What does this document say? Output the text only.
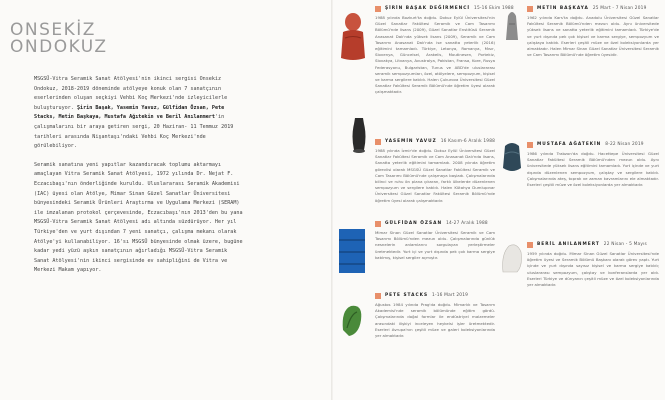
ONSEKİZ
ONDOKUZ

MSGSÜ-Vitra Seramik Sanat Atölyesi'nin ikinci sergisi Onsekiz Ondokuz, 2018-2019 döneminde atölyeye konuk olan 7 sanatçının eserlerinden oluşan seçkiyi Vehbi Koç Merkezi'nde izleyicilerle buluşturuyor. Şirin Başak, Yasemin Yavuz, Gülfidan Özsan, Pete Stacks, Metin Başkaya, Mustafa Ağıtekin ve Beril Anılanmert'in çalışmalarını bir araya getiren sergi, 20 Haziran- 11 Temmuz 2019 tarihleri arasında Nişantaşı'ndaki Vehbi Koç Merkezi'nde görülebiliyor.

Seramik sanatına yeni yapıtlar kazandıracak toplumu aktarmayı amaçlayan Vitra Seramik Sanat Atölyesi, 1972 yılında Dr. Nejat F. Eczacıbaşı'nın önderliğinde kuruldu. Uluslararası Seramik Akademisi (IAC) üyesi olan Atölye, Mimar Sinan Güzel Sanatlar Üniversitesi bünyesindeki Seramik Ürünleri Araştırma ve Uygulama Merkezi (SERAM) ile imzalanan protokol çerçevesinde, Eczacıbaşı'nın 2013'den bu yana MSGSÜ-Vitra Seramik Sanat Atölyesi adı altında süzdürüyor. Her yıl Türkiye'den ve yurt dışından 7 yeni sanatçı, çalışma mekanı olarak Atölye'yi kullanabiliyor. 16'sı MSGSÜ bünyesinde olmak üzere, bugüne kadar yedi yüzü aşkın sanatçının ağırladığı MSGSÜ-Vitra Seramik Sanat Atölyesi'nin ikinci sergisinde ev sahipliğini de Vitra ve Merkezi Makam yapıyor.

ŞİRİN BAŞAK DEĞİRMENCİ 15-16 Ekim 1988
1988 yılında Bozkurt'ta doğdu. Dokuz Eylül Üniversitesi'nin Güzel Sanatlar Fakültesi Seramik ve Cam Tasarımı Bölümü'nde lisans (2009), Güzel Sanatlar Enstitüsü Seramik Anasanat Dalı'nda yüksek lisans (2009), Seramik ve Cam Tasarımı Anasanat Dalı'nda ise sanatta yeterlik (2016) eğitimini tamamladı. Türkiye, Letonya, Romanya, Mısır, Slovenya, Güncelsel, Arakelis, Moutinesen, Portekiz, Slovakya, Litvanya, Avustralya, Pakistan, Fransa, Kore, Rusya Federasyonu, Bulgaristan, Tunus ve ABD'de uluslararası seramik sempozyumları, özel, atölyelere, sempozyum, kişisel ve karma sergilere katıldı. Halen Çukurova Üniversitesi Güzel Sanatlar Fakültesi Seramik Bölümü'nde öğretim üyesi olarak çalışmaktadır.
YASEMİN YAVUZ 16 Kasım-6 Aralık 1988
1988 yılında İzmir'de doğdu. Dokuz Eylül Üniversitesi Güzel Sanatlar Fakültesi Seramik ve Cam Anasanat Dalı'nda lisans, Sanatta yeterlik eğitimini tamamladı. 2008 yılında öğretim görevlisi olarak MSGSÜ Güzel Sanatlar Fakültesi Seramik ve Cam Tasarımı Bölümü'nde çalışmaya başladı. Çalışmalarında bilinci ve ruhu ön plana çıkaran, farklı ülkelerde düzenlenen sempozyum ve sergilere katıldı. Halen Kütahya Dumlupınar Üniversitesi Güzel Sanatlar Fakültesi Seramik Bölümü'nde öğretim üyesi olarak çalışmaktadır.
GÜLFİDAN ÖZSAN 14-27 Aralık 1988
Mimar Sinan Güzel Sanatlar Üniversitesi Seramik ve Cam Tasarımı Bölümü'nden mezun oldu. Çalışmalarında günlük nesnelerin anlamlarını sorgulayan yerleştirmeler üretmektedir. Yurt içi ve yurt dışında pek çok karma sergiye katılmış, kişisel sergiler açmıştır.
PETE STACKS 1-16 Mart 2019
Ağustos 1984 yılında Prag'da doğdu. Mimarlık ve Tasarım Akademisi'nde seramik bölümünde eğitim gördü. Çalışmalarında doğal formlar ile endüstriyel malzemeler arasındaki ilişkiyi inceleyen heykelsi işler üretmektedir. Eserleri Avrupa'nın çeşitli müze ve galeri koleksiyonlarında yer almaktadır.
METİN BAŞKAYA 25 Mart - 7 Nisan 2019
1962 yılında Kars'ta doğdu. Anadolu Üniversitesi Güzel Sanatlar Fakültesi Seramik Bölümü'nden mezun oldu. Aynı üniversitede yüksek lisans ve sanatta yeterlik eğitimini tamamladı. Türkiye'de ve yurt dışında pek çok kişisel ve karma sergiye, sempozyum ve çalıştaya katıldı. Eserleri çeşitli müze ve özel koleksiyonlarda yer almaktadır. Halen Mimar Sinan Güzel Sanatlar Üniversitesi Seramik ve Cam Tasarımı Bölümü'nde öğretim üyesidir.
MUSTAFA AĞATEKİN 8-22 Nisan 2019
1986 yılında Trabzon'da doğdu. Hacettepe Üniversitesi Güzel Sanatlar Fakültesi Seramik Bölümü'nden mezun oldu. Aynı üniversitede yüksek lisans eğitimini tamamladı. Yurt içinde ve yurt dışında düzenlenen sempozyum, çalıştay ve sergilere katıldı. Çalışmalarında ateş, toprak ve zaman kavramlarını ele almaktadır. Eserleri çeşitli müze ve özel koleksiyonlarda yer almaktadır.
BERİL ANILANMERT 22 Nisan - 5 Mayıs
1959 yılında doğdu. Mimar Sinan Güzel Sanatlar Üniversitesi'nde öğretim üyesi ve Seramik Bölümü Başkanı olarak görev yaptı. Yurt içinde ve yurt dışında sayısız kişisel ve karma sergiye katıldı; uluslararası sempozyum, çalıştay ve konferanslarda yer aldı. Eserleri Türkiye ve dünyanın çeşitli müze ve özel koleksiyonlarında yer almaktadır.
